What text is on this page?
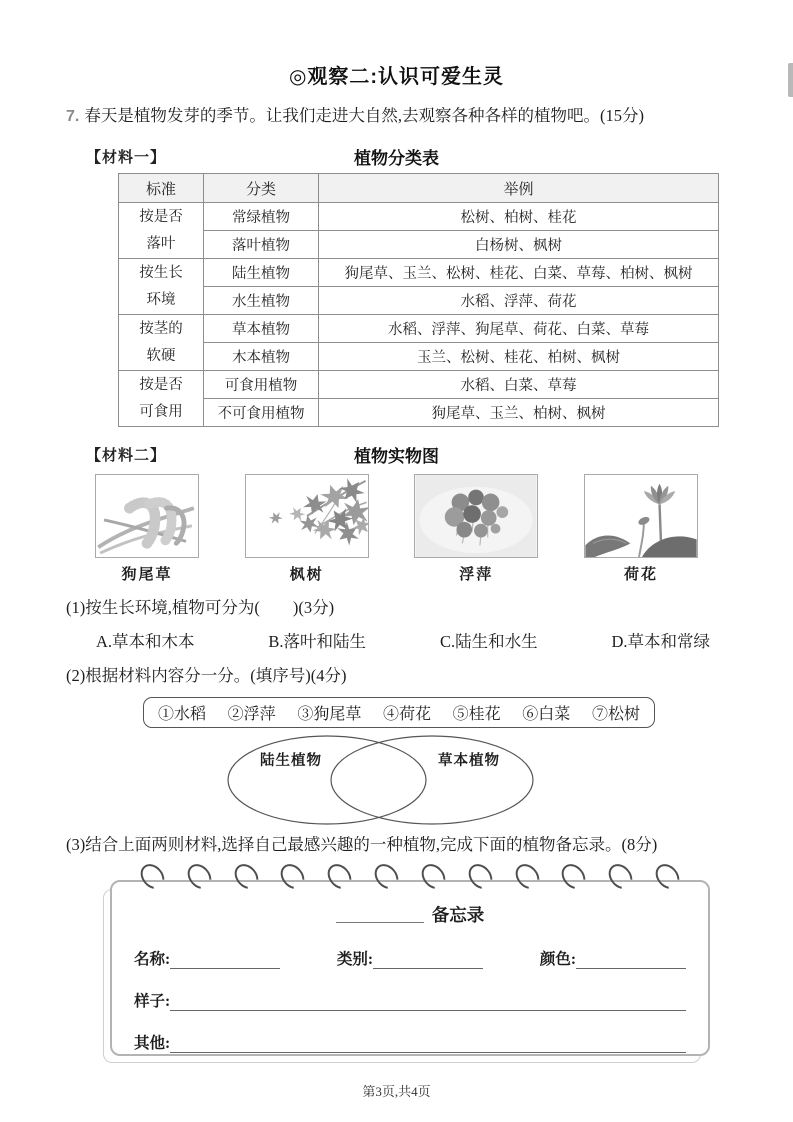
◎观察二:认识可爱生灵
7. 春天是植物发芽的季节。让我们走进大自然,去观察各种各样的植物吧。(15分)
【材料一】	植物分类表
标准	分类	举例

按是否
落叶	常绿植物	松树、柏树、桂花
	落叶植物	白杨树、枫树

按生长
环境	陆生植物	狗尾草、玉兰、松树、桂花、白菜、草莓、柏树、枫树
	水生植物	水稻、浮萍、荷花

按茎的
软硬	草本植物	水稻、浮萍、狗尾草、荷花、白菜、草莓
	木本植物	玉兰、松树、桂花、柏树、枫树

按是否
可食用	可食用植物	水稻、白菜、草莓
	不可食用植物	狗尾草、玉兰、柏树、枫树
【材料二】	植物实物图
狗尾草	枫树	浮萍	荷花
(1)按生长环境,植物可分为(　　)(3分)
A.草本和木本	B.落叶和陆生	C.陆生和水生	D.草本和常绿
(2)根据材料内容分一分。(填序号)(4分)
①水稻 ②浮萍 ③狗尾草 ④荷花 ⑤桂花 ⑥白菜 ⑦松树
陆生植物	草本植物
(3)结合上面两则材料,选择自己最感兴趣的一种植物,完成下面的植物备忘录。(8分)
备忘录
名称:	类别:	颜色:
样子:
其他:
第3页,共4页
